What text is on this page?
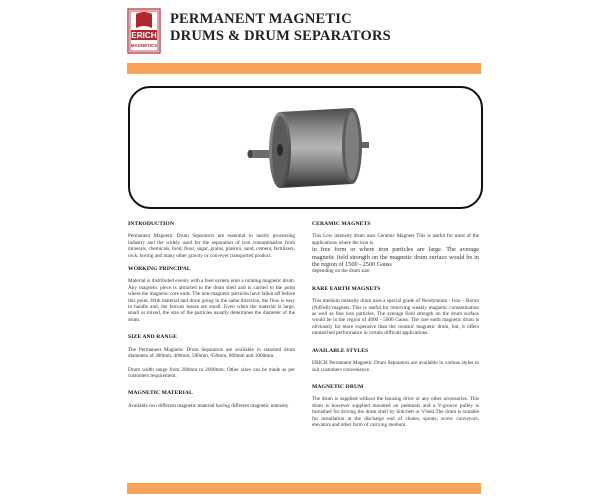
ERICH
MAGNETICS
PERMANENT MAGNETIC
DRUMS & DRUM SEPARATORS
INTRODUCTION

Permanent Magnetic Drum Separators are essential in nearly processing industry and the widely used for the separation of iron contamination from minerals, chemicals, food, flour, sugar, grains, plastics, sand, cement, fertilizers, rock, boring and many other gravity or conveyer transported product.

WORKING PRINCIPAL

Material is distributed evenly with a feed system onto a rotating magnetic drum. Any magnetic piece is attracted to the drum shell and is carried to the point where the magnetic core ends. The non-magnetic particles have fallen off before this point. With material and drum going in the same direction, the flow is easy to handle and, the ferrous losses are small. Even when the material is large, small or mixed, the size of the particles usually determines the diameter of the drum.

SIZE AND RANGE

The Permanent Magnetic Drum Separators are available in standard drum diameters of 300mm, 400mm, 500mm, 650mm, 800mm and 1000mm.

Drum width range from 300mm to 2000mm. Other sizes can be made as per customers requirement.

MAGNETIC MATERIAL

Available two different magnetic material having different magnetic intensity

CERAMIC MAGNETS

This Low intensity drum uses Ceramic Magnets This is useful for most of the applications where the iron is

in free form or where iron particles are large. The average magnetic field strength on the magnetic drum surface would be in the region of 1500 - 2500 Gauss

depending on the drum size.

RARE EARTH MAGNETS

This medium intensity drum uses a special grade of Neodymium - Iron – Boron (NdFeB) magnets. This is useful for removing weakly magnetic contamination as well as fine iron particles. The average field strength on the drum surface would be in the region of 4000 - 5000 Gauss. The rare earth magnetic drum is obviously far more expensive than the ceramic magnetic drum, but, it offers unmatched performance in certain difficult applications.

AVAILABLE STYLES

ERICH Permanent Magnetic Drum Separators are available in various styles to suit customers convenience.

MAGNETIC DRUM

The drum is supplied without the housing drive or any other accessories. This drum is however supplied mounted on pedestals and a V-groove pulley is furnished for driving the drum shell by link-belt or V-belt.The drum is suitable for installation at the discharge end of chutes, spouts, screw conveyors, elevators and other form of carrying medium.
